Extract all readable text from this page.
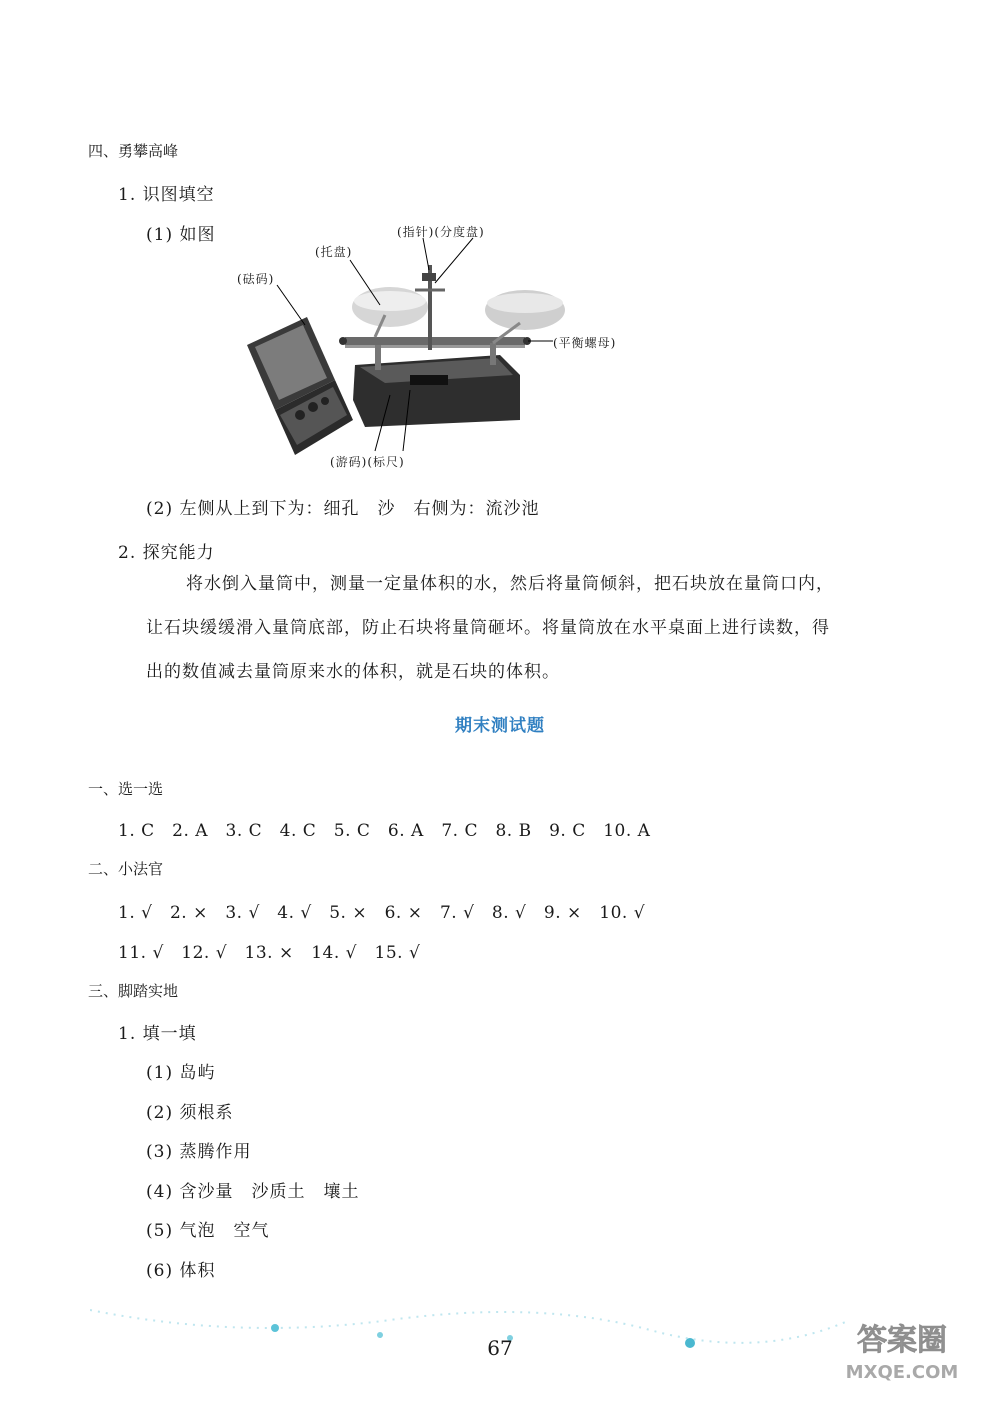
四、勇攀高峰
1. 识图填空
(1) 如图
(砝码)
(托盘)
(指针)(分度盘)
(平衡螺母)
(游码)(标尺)
(2) 左侧从上到下为：细孔　沙　右侧为：流沙池
2. 探究能力
将水倒入量筒中，测量一定量体积的水，然后将量筒倾斜，把石块放在量筒口内，让石块缓缓滑入量筒底部，防止石块将量筒砸坏。将量筒放在水平桌面上进行读数，得出的数值减去量筒原来水的体积，就是石块的体积。
期末测试题
一、选一选
1. C　2. A　3. C　4. C　5. C　6. A　7. C　8. B　9. C　10. A
二、小法官
1. √　2. ×　3. √　4. √　5. ×　6. ×　7. √　8. √　9. ×　10. √
11. √　12. √　13. ×　14. √　15. √
三、脚踏实地
1. 填一填
(1) 岛屿
(2) 须根系
(3) 蒸腾作用
(4) 含沙量　沙质土　壤土
(5) 气泡　空气
(6) 体积
67	答案圈
MXQE.COM
